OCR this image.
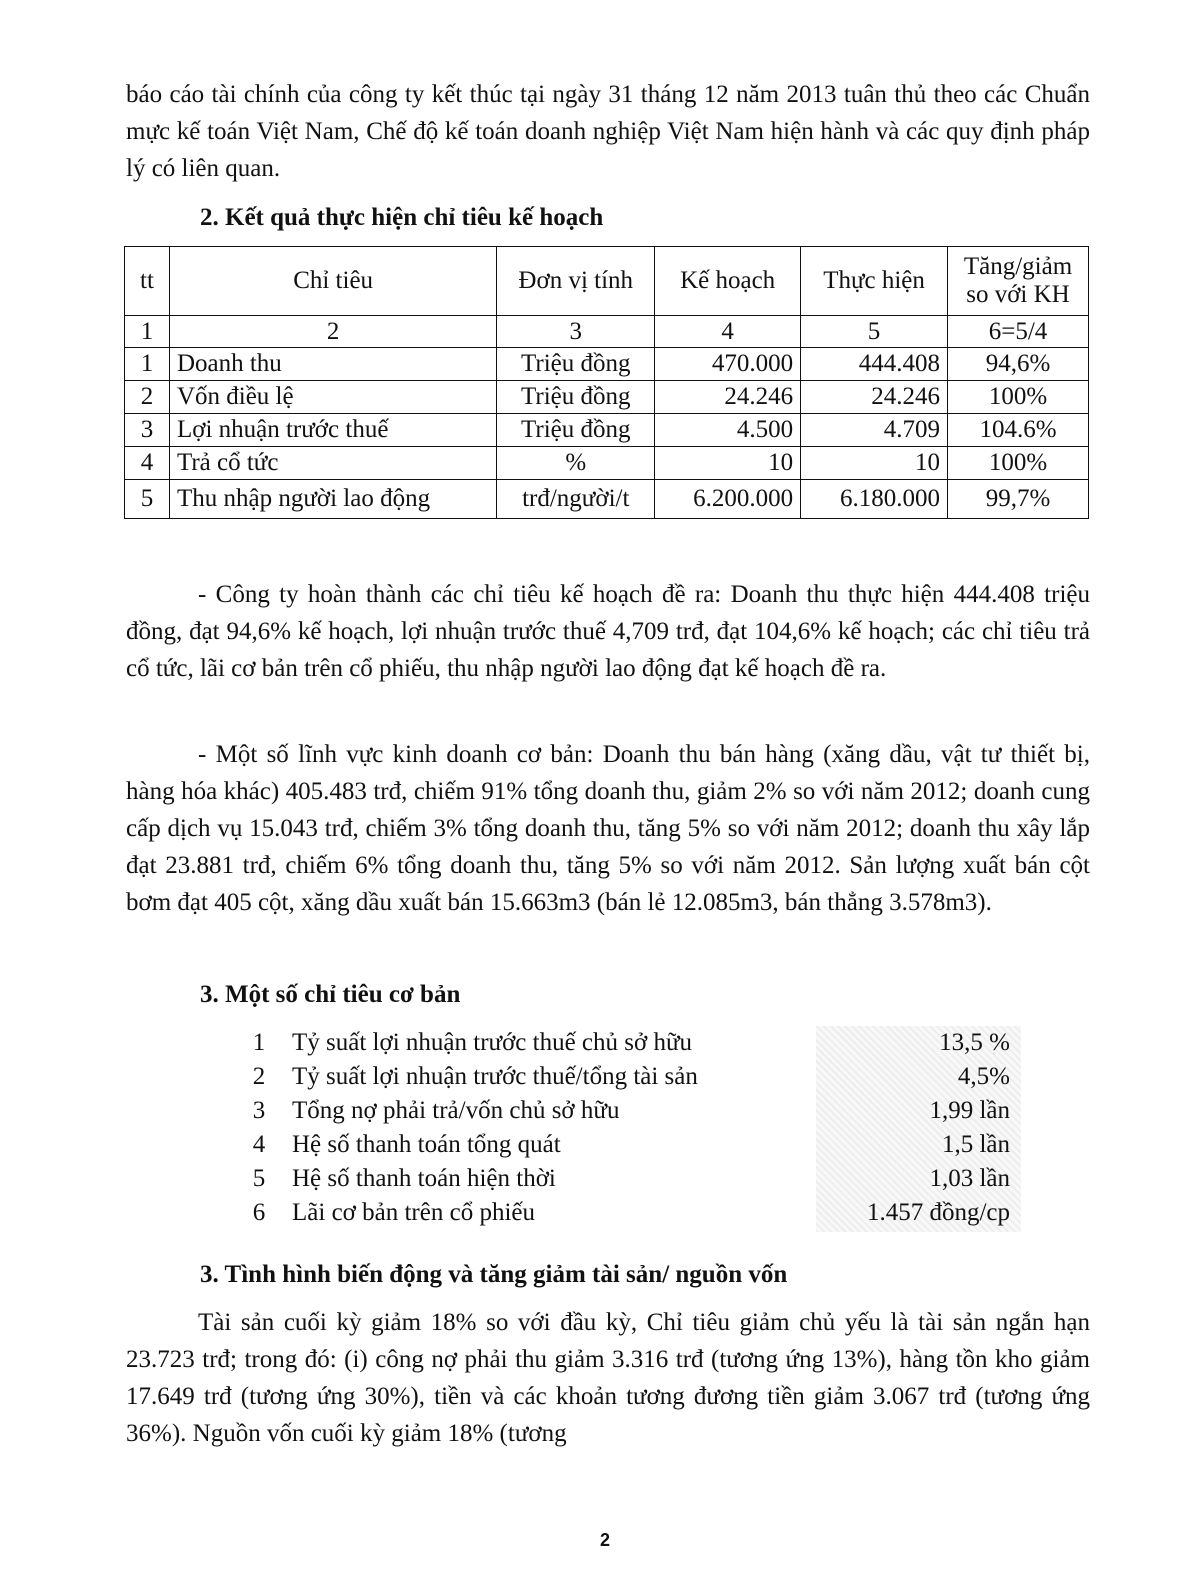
báo cáo tài chính của công ty kết thúc tại ngày 31 tháng 12 năm 2013 tuân thủ theo các Chuẩn mực kế toán Việt Nam, Chế độ kế toán doanh nghiệp Việt Nam hiện hành và các quy định pháp lý có liên quan.

2. Kết quả thực hiện chỉ tiêu kế hoạch

tt	Chỉ tiêu	Đơn vị tính	Kế hoạch	Thực hiện	Tăng/giảm so với KH
1	2	3	4	5	6=5/4
1	Doanh thu	Triệu đồng	470.000	444.408	94,6%
2	Vốn điều lệ	Triệu đồng	24.246	24.246	100%
3	Lợi nhuận trước thuế	Triệu đồng	4.500	4.709	104.6%
4	Trả cổ tức	%	10	10	100%
5	Thu nhập người lao động	trđ/người/t	6.200.000	6.180.000	99,7%

- Công ty hoàn thành các chỉ tiêu kế hoạch đề ra: Doanh thu thực hiện 444.408 triệu đồng, đạt 94,6% kế hoạch, lợi nhuận trước thuế 4,709 trđ, đạt 104,6% kế hoạch; các chỉ tiêu trả cổ tức, lãi cơ bản trên cổ phiếu, thu nhập người lao động đạt kế hoạch đề ra.

- Một số lĩnh vực kinh doanh cơ bản: Doanh thu bán hàng (xăng dầu, vật tư thiết bị, hàng hóa khác) 405.483 trđ, chiếm 91% tổng doanh thu, giảm 2% so với năm 2012; doanh cung cấp dịch vụ 15.043 trđ, chiếm 3% tổng doanh thu, tăng 5% so với năm 2012; doanh thu xây lắp đạt 23.881 trđ, chiếm 6% tổng doanh thu, tăng 5% so với năm 2012. Sản lượng xuất bán cột bơm đạt 405 cột, xăng dầu xuất bán 15.663m3 (bán lẻ 12.085m3, bán thẳng 3.578m3).

3. Một số chỉ tiêu cơ bản

1	Tỷ suất lợi nhuận trước thuế chủ sở hữu	13,5 %
2	Tỷ suất lợi nhuận trước thuế/tổng tài sản	4,5%
3	Tổng nợ phải trả/vốn chủ sở hữu	1,99 lần
4	Hệ số thanh toán tổng quát	1,5 lần
5	Hệ số thanh toán hiện thời	1,03 lần
6	Lãi cơ bản trên cổ phiếu	1.457 đồng/cp

3. Tình hình biến động và tăng giảm tài sản/ nguồn vốn

Tài sản cuối kỳ giảm 18% so với đầu kỳ, Chỉ tiêu giảm chủ yếu là tài sản ngắn hạn 23.723 trđ; trong đó: (i) công nợ phải thu giảm 3.316 trđ (tương ứng 13%), hàng tồn kho giảm 17.649 trđ (tương ứng 30%), tiền và các khoản tương đương tiền giảm 3.067 trđ (tương ứng 36%). Nguồn vốn cuối kỳ giảm 18% (tương

2
